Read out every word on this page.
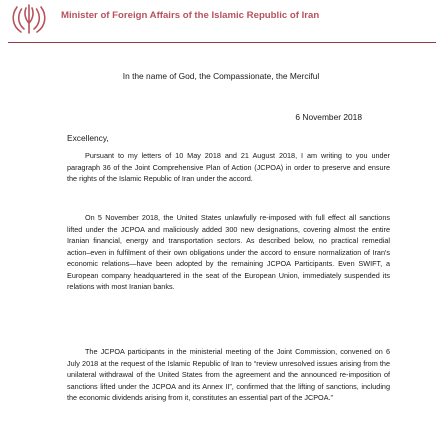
Minister of Foreign Affairs of the Islamic Republic of Iran
In the name of God, the Compassionate, the Merciful
6 November 2018
Excellency,

Pursuant to my letters of 10 May 2018 and 21 August 2018, I am writing to you under paragraph 36 of the Joint Comprehensive Plan of Action (JCPOA) in order to preserve and ensure the rights of the Islamic Republic of Iran under the accord.

On 5 November 2018, the United States unlawfully re-imposed with full effect all sanctions lifted under the JCPOA and maliciously added 300 new designations, covering almost the entire Iranian financial, energy and transportation sectors. As described below, no practical remedial action–even in fulfilment of their own obligations under the accord to ensure normalization of Iran's economic relations—have been adopted by the remaining JCPOA Participants. Even SWIFT, a European company headquartered in the seat of the European Union, immediately suspended its relations with most Iranian banks.

The JCPOA participants in the ministerial meeting of the Joint Commission, convened on 6 July 2018 at the request of the Islamic Republic of Iran to “review unresolved issues arising from the unilateral withdrawal of the United States from the agreement and the announced re-imposition of sanctions lifted under the JCPOA and its Annex II”, confirmed that the lifting of sanctions, including the economic dividends arising from it, constitutes an essential part of the JCPOA.”
